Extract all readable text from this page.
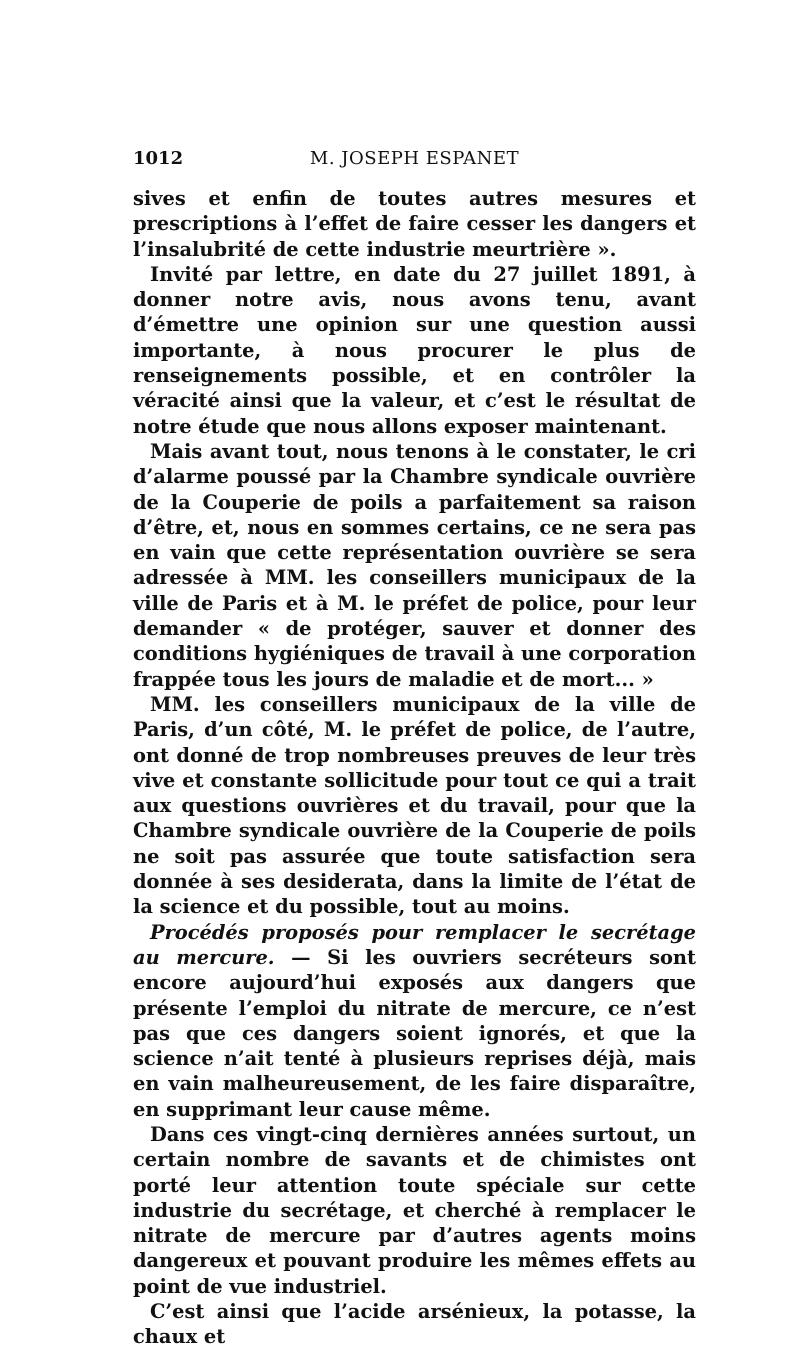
1012	M. JOSEPH ESPANET

sives et enfin de toutes autres mesures et prescriptions à l’effet de faire cesser les dangers et l’insalubrité de cette industrie meurtrière ».

Invité par lettre, en date du 27 juillet 1891, à donner notre avis, nous avons tenu, avant d’émettre une opinion sur une question aussi importante, à nous procurer le plus de renseignements possible, et en contrôler la véracité ainsi que la valeur, et c’est le résultat de notre étude que nous allons exposer maintenant.

Mais avant tout, nous tenons à le constater, le cri d’alarme poussé par la Chambre syndicale ouvrière de la Couperie de poils a parfaitement sa raison d’être, et, nous en sommes certains, ce ne sera pas en vain que cette représentation ouvrière se sera adressée à MM. les conseillers municipaux de la ville de Paris et à M. le préfet de police, pour leur demander « de protéger, sauver et donner des conditions hygiéniques de travail à une corporation frappée tous les jours de maladie et de mort... »

MM. les conseillers municipaux de la ville de Paris, d’un côté, M. le préfet de police, de l’autre, ont donné de trop nombreuses preuves de leur très vive et constante sollicitude pour tout ce qui a trait aux questions ouvrières et du travail, pour que la Chambre syndicale ouvrière de la Couperie de poils ne soit pas assurée que toute satisfaction sera donnée à ses desiderata, dans la limite de l’état de la science et du possible, tout au moins.

Procédés proposés pour remplacer le secrétage au mercure. — Si les ouvriers secréteurs sont encore aujourd’hui exposés aux dangers que présente l’emploi du nitrate de mercure, ce n’est pas que ces dangers soient ignorés, et que la science n’ait tenté à plusieurs reprises déjà, mais en vain malheureusement, de les faire disparaître, en supprimant leur cause même.

Dans ces vingt-cinq dernières années surtout, un certain nombre de savants et de chimistes ont porté leur attention toute spéciale sur cette industrie du secrétage, et cherché à remplacer le nitrate de mercure par d’autres agents moins dangereux et pouvant produire les mêmes effets au point de vue industriel.

C’est ainsi que l’acide arsénieux, la potasse, la chaux et
